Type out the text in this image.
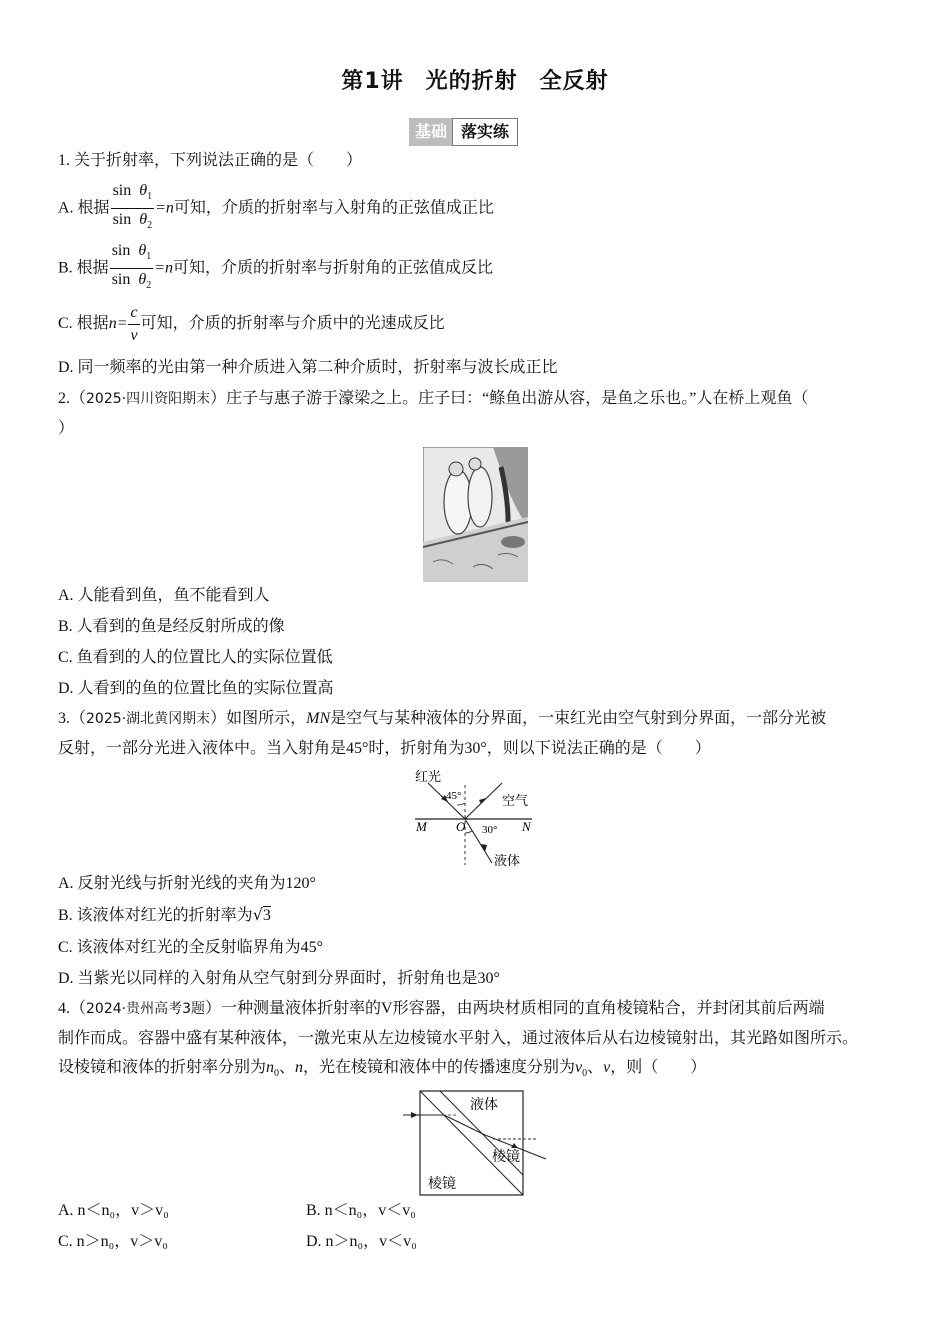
第1讲 光的折射 全反射
基础 落实练
1. 关于折射率，下列说法正确的是（　　）
A. 根据 $\frac{\sin \theta_1}{\sin \theta_2} =n$可知，介质的折射率与入射角的正弦值成正比
B. 根据 $\frac{\sin \theta_1}{\sin \theta_2} =n$可知，介质的折射率与折射角的正弦值成反比
C. 根据$n= \frac{c}{v}$ 可知，介质的折射率与介质中的光速成反比
D. 同一频率的光由第一种介质进入第二种介质时，折射率与波长成正比
2.（2025·四川资阳期末）庄子与惠子游于濠梁之上。庄子曰：“鲦鱼出游从容，是鱼之乐也。”人在桥上观鱼（
）
A. 人能看到鱼，鱼不能看到人
B. 人看到的鱼是经反射所成的像
C. 鱼看到的人的位置比人的实际位置低
D. 人看到的鱼的位置比鱼的实际位置高
3.（2025·湖北黄冈期末）如图所示，MN是空气与某种液体的分界面，一束红光由空气射到分界面，一部分光被
反射，一部分光进入液体中。当入射角是45°时，折射角为30°，则以下说法正确的是（　　）
红光
45°	空气
M O 30° N
液体
A. 反射光线与折射光线的夹角为120°
B. 该液体对红光的折射率为√3
C. 该液体对红光的全反射临界角为45°
D. 当紫光以同样的入射角从空气射到分界面时，折射角也是30°
4.（2024·贵州高考3题）一种测量液体折射率的V形容器，由两块材质相同的直角棱镜粘合，并封闭其前后两端
制作而成。容器中盛有某种液体，一激光束从左边棱镜水平射入，通过液体后从右边棱镜射出，其光路如图所示。
设棱镜和液体的折射率分别为$n_0$、n，光在棱镜和液体中的传播速度分别为$v_0$、v，则（　　）
液体
棱镜
棱镜
A. n＜n₀，v＞v₀	B. n＜n₀，v＜v₀
C. n＞n₀，v＞v₀	D. n＞n₀，v＜v₀
